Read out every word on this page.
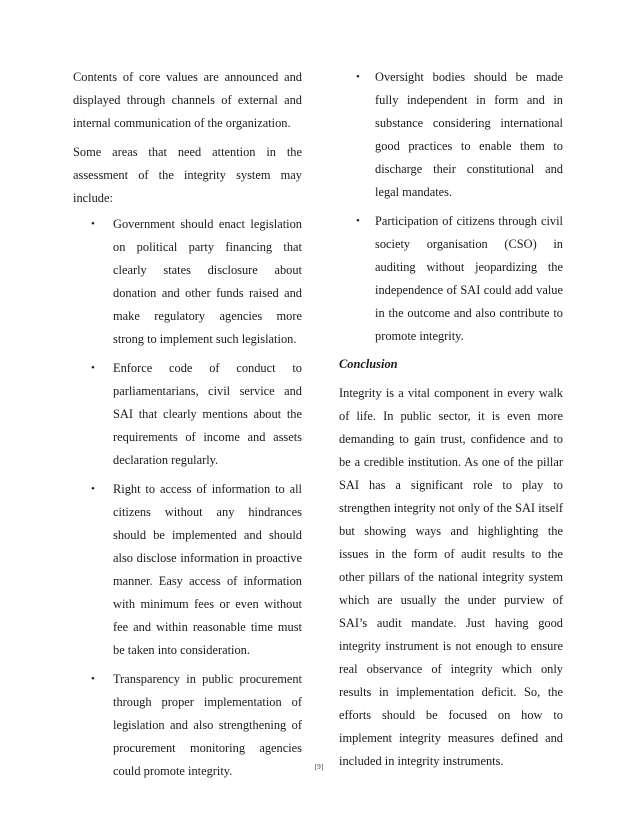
Contents of core values are announced and displayed through channels of external and internal communication of the organization.

Some areas that need attention in the assessment of the integrity system may include:

• Government should enact legislation on political party financing that clearly states disclosure about donation and other funds raised and make regulatory agencies more strong to implement such legislation.
• Enforce code of conduct to parliamentarians, civil service and SAI that clearly mentions about the requirements of income and assets declaration regularly.
• Right to access of information to all citizens without any hindrances should be implemented and should also disclose information in proactive manner. Easy access of information with minimum fees or even without fee and within reasonable time must be taken into consideration.
• Transparency in public procurement through proper implementation of legislation and also strengthening of procurement monitoring agencies could promote integrity.
• Oversight bodies should be made fully independent in form and in substance considering international good practices to enable them to discharge their constitutional and legal mandates.
• Participation of citizens through civil society organisation (CSO) in auditing without jeopardizing the independence of SAI could add value in the outcome and also contribute to promote integrity.

Conclusion

Integrity is a vital component in every walk of life. In public sector, it is even more demanding to gain trust, confidence and to be a credible institution. As one of the pillar SAI has a significant role to play to strengthen integrity not only of the SAI itself but showing ways and highlighting the issues in the form of audit results to the other pillars of the national integrity system which are usually the under purview of SAI’s audit mandate. Just having good integrity instrument is not enough to ensure real observance of integrity which only results in implementation deficit. So, the efforts should be focused on how to implement integrity measures defined and included in integrity instruments.

[9]
